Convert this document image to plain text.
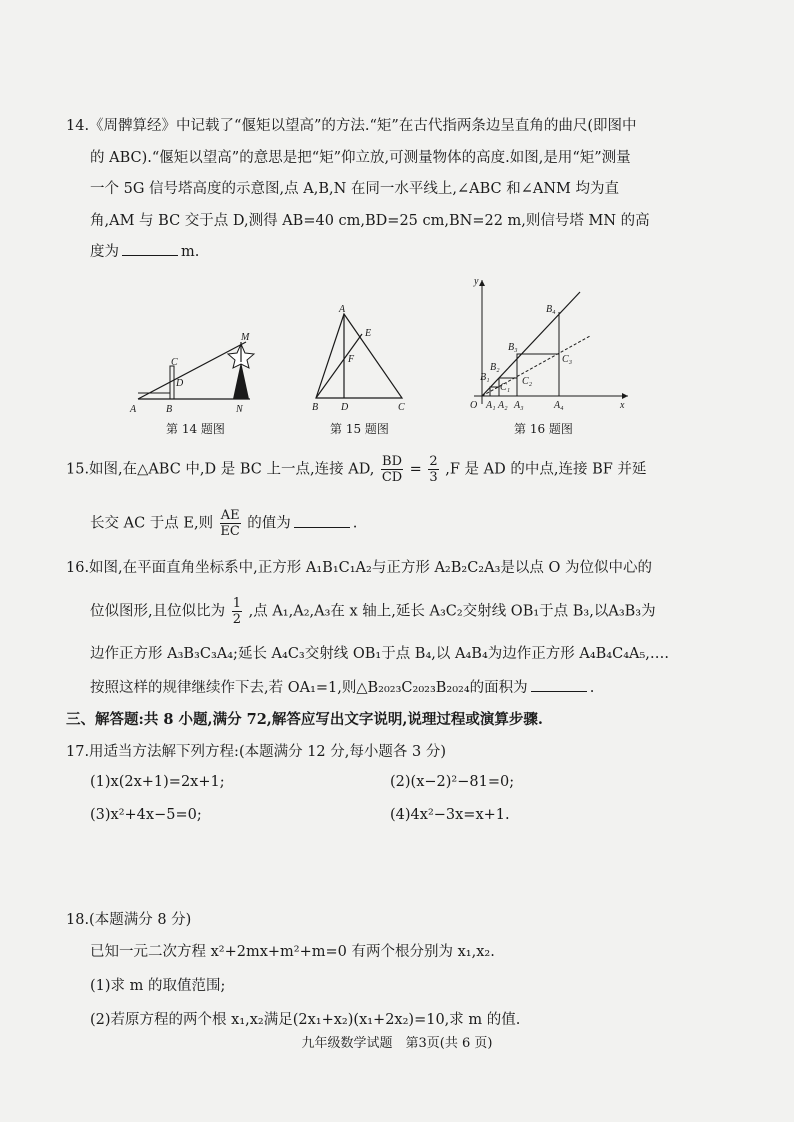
14.《周髀算经》中记载了“偃矩以望高”的方法.“矩”在古代指两条边呈直角的曲尺(即图中
的 ABC).“偃矩以望高”的意思是把“矩”仰立放,可测量物体的高度.如图,是用“矩”测量
一个 5G 信号塔高度的示意图,点 A,B,N 在同一水平线上,∠ABC 和∠ANM 均为直
角,AM 与 BC 交于点 D,测得 AB=40 cm,BD=25 cm,BN=22 m,则信号塔 MN 的高
度为	m.
A	B	N
C
D
M
第 14 题图
A
B	C
D
E
F
第 15 题图
y
x
O A₁ A₂ A₃	A₄
B₁
B₂
B₃
B₄
C₁
C₂
C₃
第 16 题图
15.如图,在△ABC 中,D 是 BC 上一点,连接 AD, $\frac{BD}{CD} = \frac{2}{3} ,F$ 是 AD 的中点,连接 BF 并延
长交 AC 于点 E,则 $\frac{AE}{EC}$ 的值为	.
16.如图,在平面直角坐标系中,正方形 A₁B₁C₁A₂与正方形 A₂B₂C₂A₃是以点 O 为位似中心的
位似图形,且位似比为 $\frac{1}{2}$ ,点 A₁,A₂,A₃在 x 轴上,延长 A₃C₂交射线 OB₁于点 B₃,以A₃B₃为
边作正方形 A₃B₃C₃A₄;延长 A₄C₃交射线 OB₁于点 B₄,以 A₄B₄为边作正方形 A₄B₄C₄A₅,….
按照这样的规律继续作下去,若 OA₁=1,则△B₂₀₂₃C₂₀₂₃B₂₀₂₄的面积为	.
三、解答题:共 8 小题,满分 72,解答应写出文字说明,说理过程或演算步骤.
17.用适当方法解下列方程:(本题满分 12 分,每小题各 3 分)
(1)x(2x+1)=2x+1;	(2)(x−2)²−81=0;
(3)x²+4x−5=0;	(4)4x²−3x=x+1.
18.(本题满分 8 分)
已知一元二次方程 x²+2mx+m²+m=0 有两个根分别为 x₁,x₂.
(1)求 m 的取值范围;
(2)若原方程的两个根 x₁,x₂满足(2x₁+x₂)(x₁+2x₂)=10,求 m 的值.
九年级数学试题　第3页(共 6 页)
